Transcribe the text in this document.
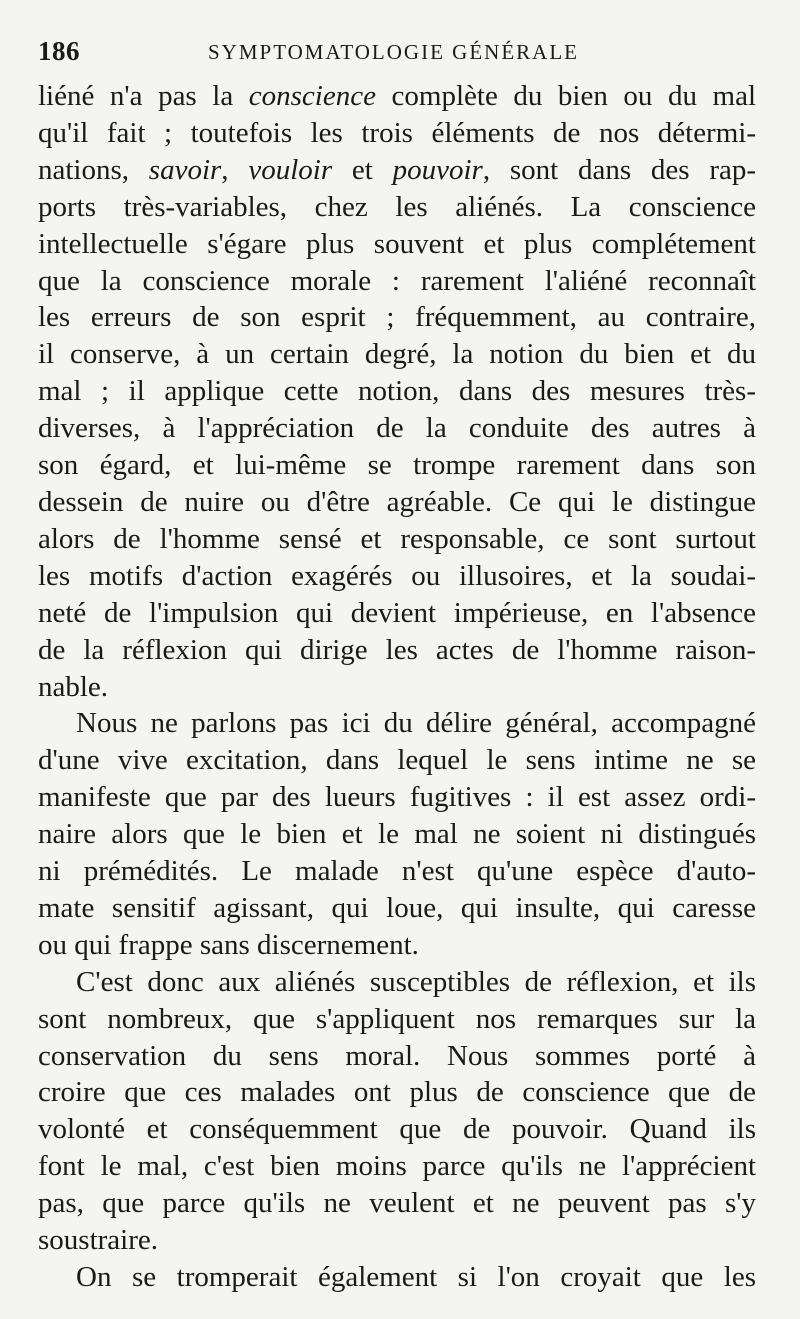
186	SYMPTOMATOLOGIE GÉNÉRALE
liéné n'a pas la conscience complète du bien ou du mal
qu'il fait ; toutefois les trois éléments de nos détermi-
nations, savoir, vouloir et pouvoir, sont dans des rap-
ports très-variables, chez les aliénés. La conscience
intellectuelle s'égare plus souvent et plus complétement
que la conscience morale : rarement l'aliéné reconnaît
les erreurs de son esprit ; fréquemment, au contraire,
il conserve, à un certain degré, la notion du bien et du
mal ; il applique cette notion, dans des mesures très-
diverses, à l'appréciation de la conduite des autres à
son égard, et lui-même se trompe rarement dans son
dessein de nuire ou d'être agréable. Ce qui le distingue
alors de l'homme sensé et responsable, ce sont surtout
les motifs d'action exagérés ou illusoires, et la soudai-
neté de l'impulsion qui devient impérieuse, en l'absence
de la réflexion qui dirige les actes de l'homme raison-
nable.
Nous ne parlons pas ici du délire général, accompagné
d'une vive excitation, dans lequel le sens intime ne se
manifeste que par des lueurs fugitives : il est assez ordi-
naire alors que le bien et le mal ne soient ni distingués
ni prémédités. Le malade n'est qu'une espèce d'auto-
mate sensitif agissant, qui loue, qui insulte, qui caresse
ou qui frappe sans discernement.
C'est donc aux aliénés susceptibles de réflexion, et ils
sont nombreux, que s'appliquent nos remarques sur la
conservation du sens moral. Nous sommes porté à
croire que ces malades ont plus de conscience que de
volonté et conséquemment que de pouvoir. Quand ils
font le mal, c'est bien moins parce qu'ils ne l'apprécient
pas, que parce qu'ils ne veulent et ne peuvent pas s'y
soustraire.
On se tromperait également si l'on croyait que les
